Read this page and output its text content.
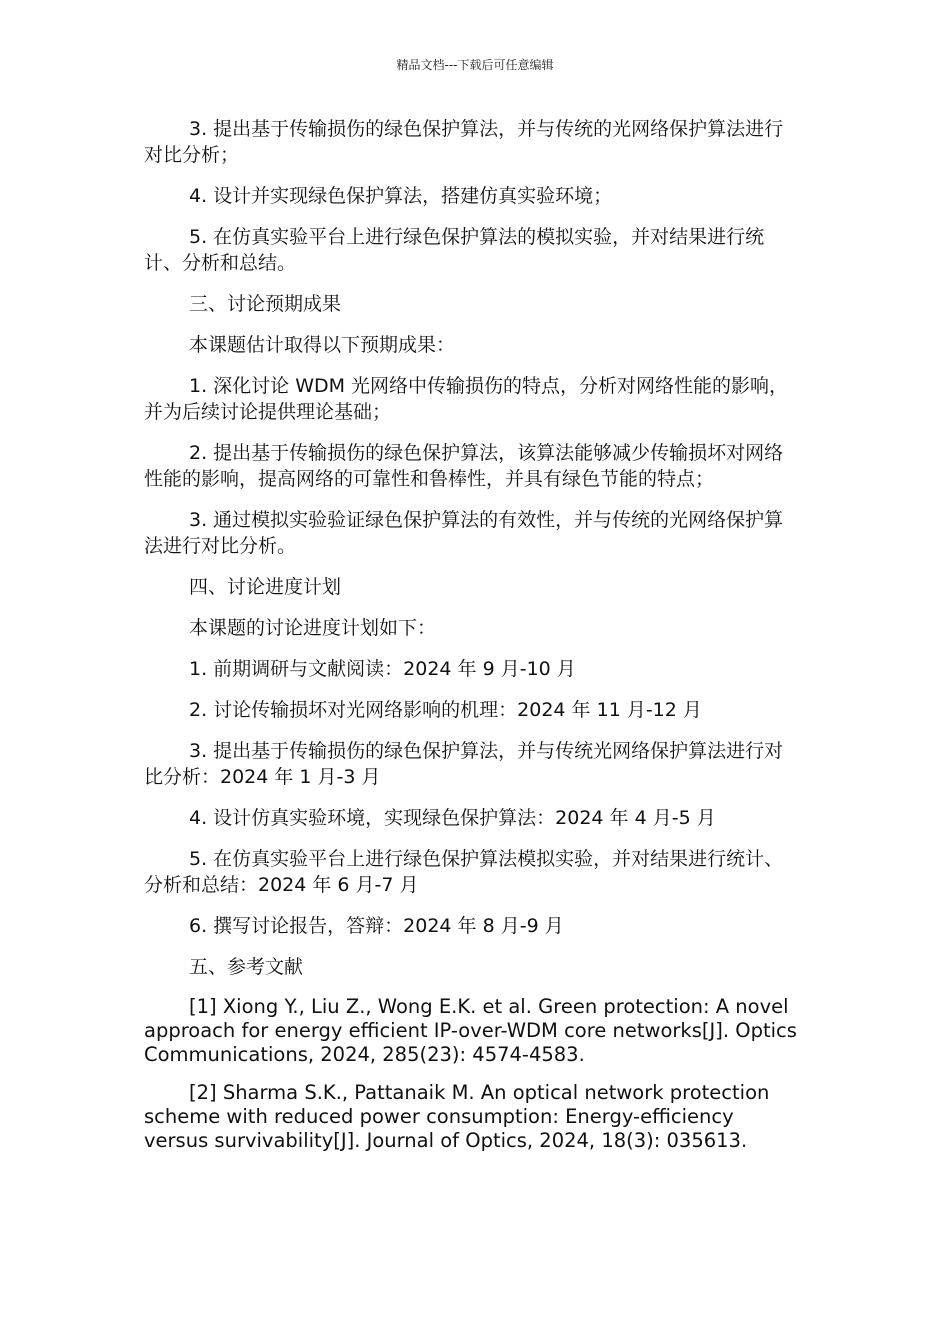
精品文档---下载后可任意编辑

3. 提出基于传输损伤的绿色保护算法，并与传统的光网络保护算法进行对比分析；

4. 设计并实现绿色保护算法，搭建仿真实验环境；

5. 在仿真实验平台上进行绿色保护算法的模拟实验，并对结果进行统计、分析和总结。

三、讨论预期成果

本课题估计取得以下预期成果：

1. 深化讨论 WDM 光网络中传输损伤的特点，分析对网络性能的影响，并为后续讨论提供理论基础；

2. 提出基于传输损伤的绿色保护算法，该算法能够减少传输损坏对网络性能的影响，提高网络的可靠性和鲁棒性，并具有绿色节能的特点；

3. 通过模拟实验验证绿色保护算法的有效性，并与传统的光网络保护算法进行对比分析。

四、讨论进度计划

本课题的讨论进度计划如下：

1. 前期调研与文献阅读：2024 年 9 月-10 月

2. 讨论传输损坏对光网络影响的机理：2024 年 11 月-12 月

3. 提出基于传输损伤的绿色保护算法，并与传统光网络保护算法进行对比分析：2024 年 1 月-3 月

4. 设计仿真实验环境，实现绿色保护算法：2024 年 4 月-5 月

5. 在仿真实验平台上进行绿色保护算法模拟实验，并对结果进行统计、分析和总结：2024 年 6 月-7 月

6. 撰写讨论报告，答辩：2024 年 8 月-9 月

五、参考文献

[1] Xiong Y., Liu Z., Wong E.K. et al. Green protection: A novel approach for energy efficient IP-over-WDM core networks[J]. Optics Communications, 2024, 285(23): 4574-4583.

[2] Sharma S.K., Pattanaik M. An optical network protection scheme with reduced power consumption: Energy-efficiency versus survivability[J]. Journal of Optics, 2024, 18(3): 035613.
